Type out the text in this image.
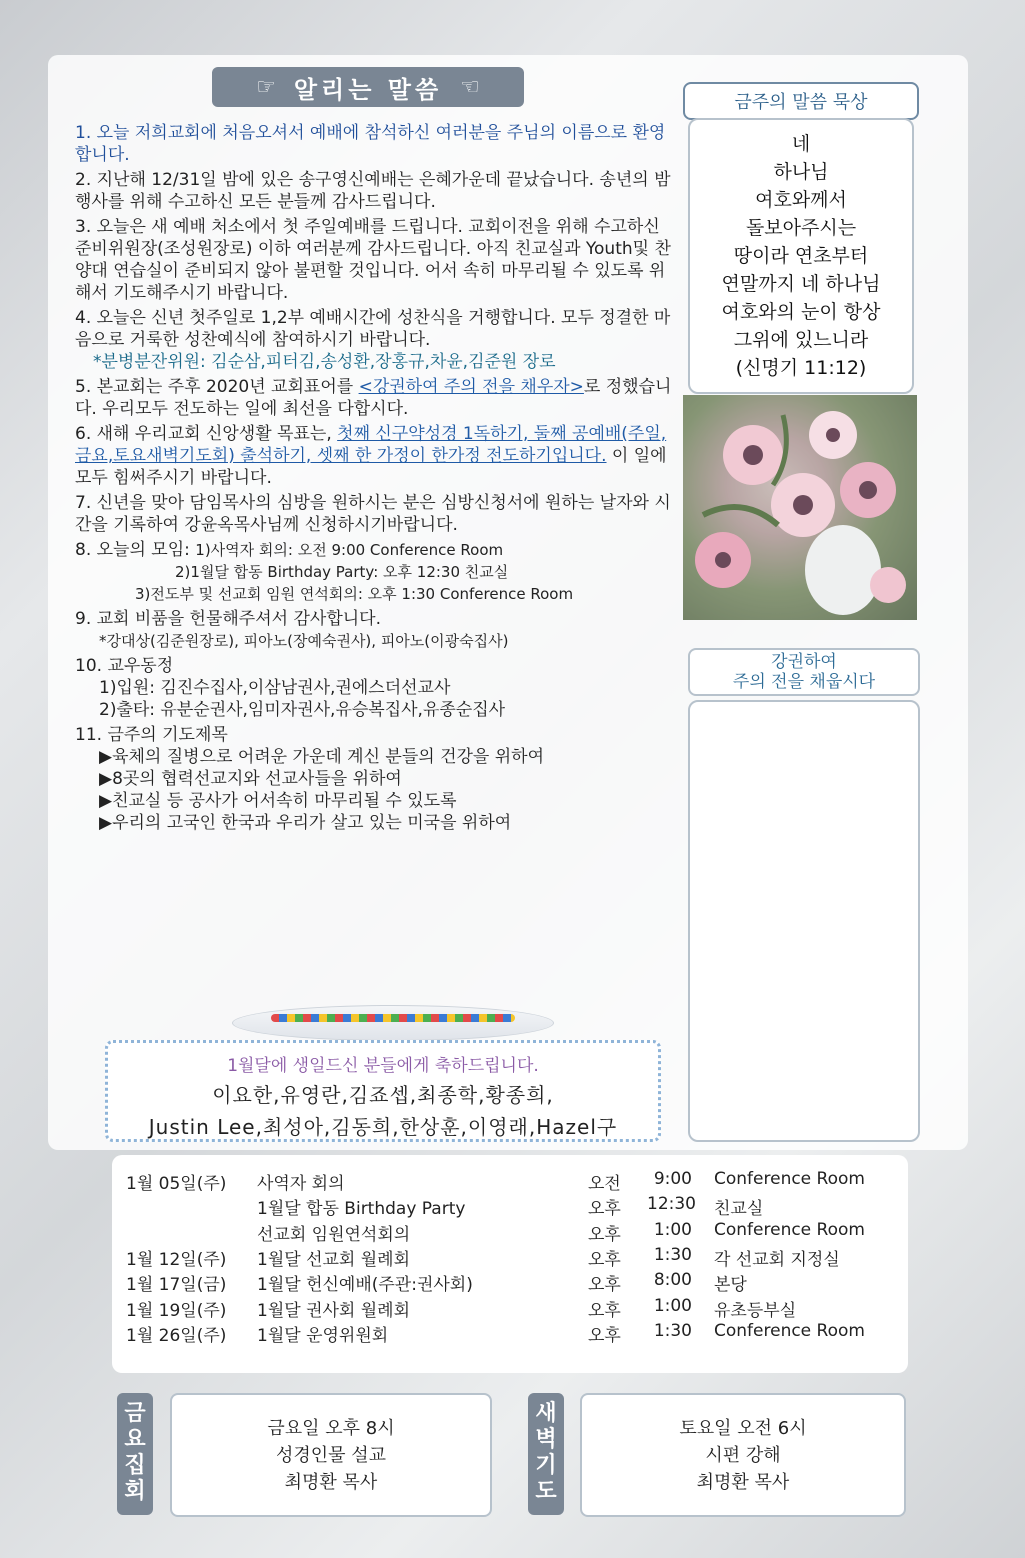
☞ 알리는 말씀 ☜

1. 오늘 저희교회에 처음오셔서 예배에 참석하신 여러분을 주님의 이름으로 환영합니다.

2. 지난해 12/31일 밤에 있은 송구영신예배는 은혜가운데 끝났습니다. 송년의 밤 행사를 위해 수고하신 모든 분들께 감사드립니다.

3. 오늘은 새 예배 처소에서 첫 주일예배를 드립니다. 교회이전을 위해 수고하신 준비위원장(조성원장로) 이하 여러분께 감사드립니다. 아직 친교실과 Youth및 찬양대 연습실이 준비되지 않아 불편할 것입니다. 어서 속히 마무리될 수 있도록 위해서 기도해주시기 바랍니다.

4. 오늘은 신년 첫주일로 1,2부 예배시간에 성찬식을 거행합니다. 모두 정결한 마음으로 거룩한 성찬예식에 참여하시기 바랍니다.

*분병분잔위원: 김순삼,피터김,송성환,장홍규,차윤,김준원 장로

5. 본교회는 주후 2020년 교회표어를 <강권하여 주의 전을 채우자>로 정했습니다. 우리모두 전도하는 일에 최선을 다합시다.

6. 새해 우리교회 신앙생활 목표는, 첫째 신구약성경 1독하기, 둘째 공예배(주일,금요,토요새벽기도회) 출석하기, 셋째 한 가정이 한가정 전도하기입니다. 이 일에 모두 힘써주시기 바랍니다.

7. 신년을 맞아 담임목사의 심방을 원하시는 분은 심방신청서에 원하는 날자와 시간을 기록하여 강윤옥목사님께 신청하시기바랍니다.

8. 오늘의 모임: 1)사역자 회의: 오전 9:00 Conference Room

2)1월달 합동 Birthday Party: 오후 12:30 친교실

3)전도부 및 선교회 임원 연석회의: 오후 1:30 Conference Room

9. 교회 비품을 헌물해주셔서 감사합니다.

*강대상(김준원장로), 피아노(장예숙권사), 피아노(이광숙집사)

10. 교우동정

1)입원: 김진수집사,이삼남권사,권에스더선교사

2)출타: 유분순권사,임미자권사,유승복집사,유종순집사

11. 금주의 기도제목

▶육체의 질병으로 어려운 가운데 계신 분들의 건강을 위하여

▶8곳의 협력선교지와 선교사들을 위하여

▶친교실 등 공사가 어서속히 마무리될 수 있도록

▶우리의 고국인 한국과 우리가 살고 있는 미국을 위하여

금주의 말씀 묵상
네
하나님
여호와께서
돌보아주시는
땅이라 연초부터
연말까지 네 하나님
여호와의 눈이 항상
그위에 있느니라
(신명기 11:12)
강권하여
주의 전을 채웁시다
1월달에 생일드신 분들에게 축하드립니다.
이요한,유영란,김죠셉,최종학,황종희,
Justin Lee,최성아,김동희,한상훈,이영래,Hazel구
1월 05일(주) 사역자 회의	오전	9:00 Conference Room
1월달 합동 Birthday Party	오후 12:30 친교실
선교회 임원연석회의	오후	1:00 Conference Room
1월 12일(주) 1월달 선교회 월례회	오후	1:30 각 선교회 지정실
1월 17일(금) 1월달 헌신예배(주관:권사회)	오후	8:00 본당
1월 19일(주) 1월달 권사회 월례회	오후	1:00 유초등부실
1월 26일(주) 1월달 운영위원회	오후	1:30 Conference Room
금
요
집
회
금요일 오후 8시
성경인물 설교
최명환 목사
새
벽
기
도
토요일 오전 6시
시편 강해
최명환 목사
